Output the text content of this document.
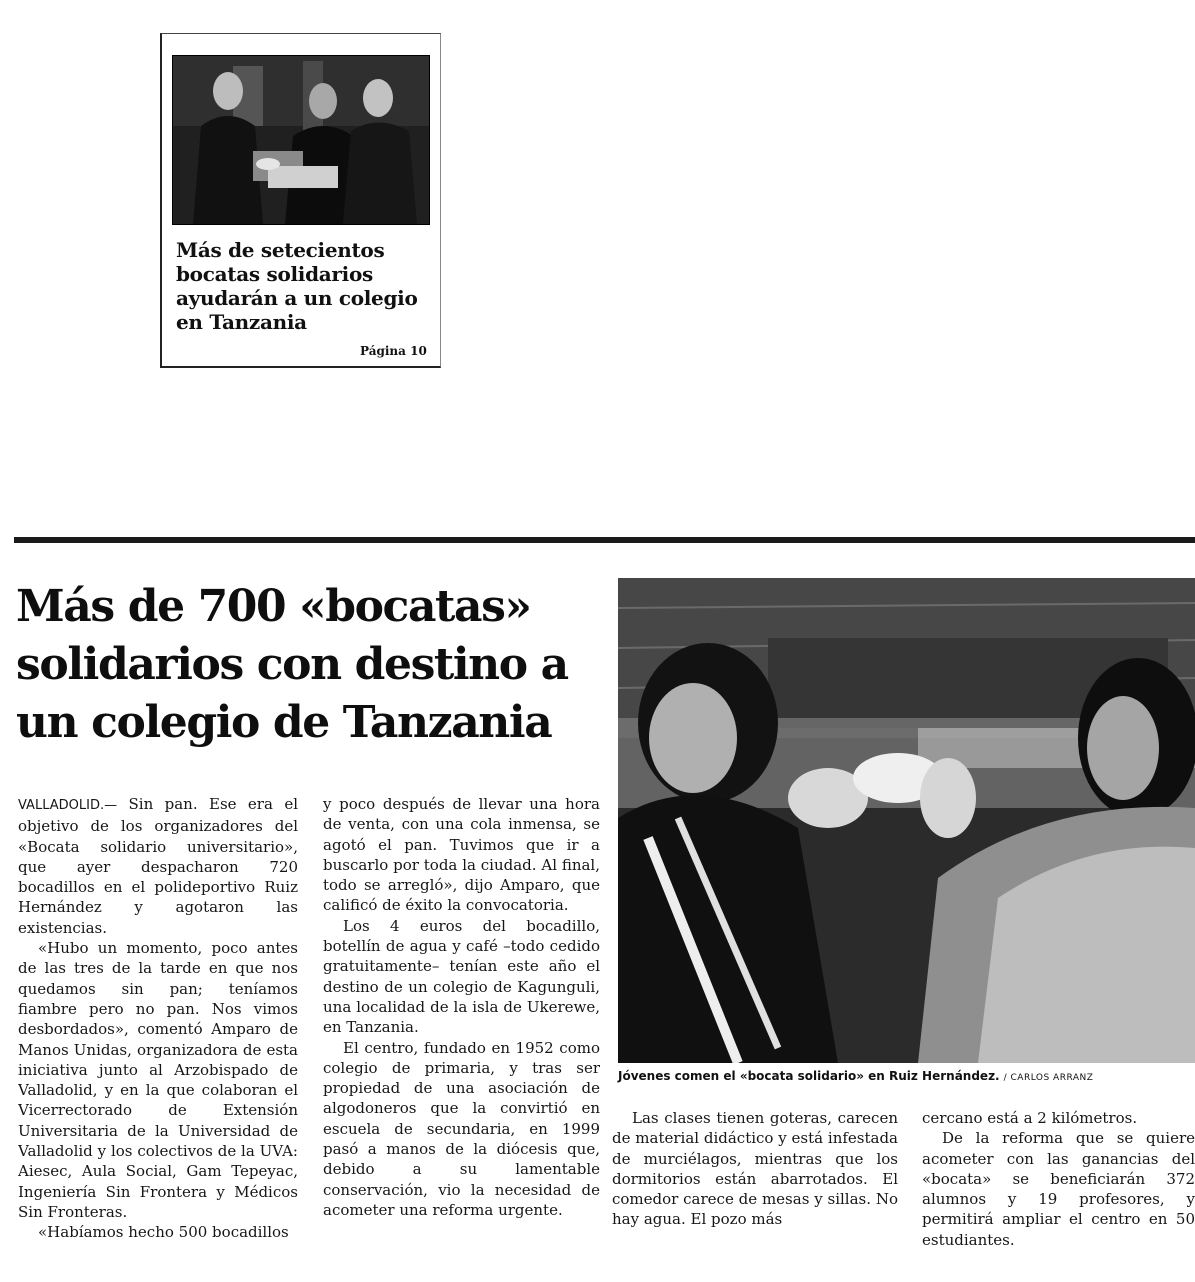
Más de setecientos bocatas solidarios ayudarán a un colegio en Tanzania
Página 10
Más de 700 «bocatas» solidarios con destino a un colegio de Tanzania
Jóvenes comen el «bocata solidario» en Ruiz Hernández. / CARLOS ARRANZ

VALLADOLID.— Sin pan. Ese era el objetivo de los organizadores del «Bocata solidario universitario», que ayer despacharon 720 bocadillos en el polideportivo Ruiz Hernández y agotaron las existencias.

«Hubo un momento, poco antes de las tres de la tarde en que nos quedamos sin pan; teníamos fiambre pero no pan. Nos vimos desbordados», comentó Amparo de Manos Unidas, organizadora de esta iniciativa junto al Arzobispado de Valladolid, y en la que colaboran el Vicerrectorado de Extensión Universitaria de la Universidad de Valladolid y los colectivos de la UVA: Aiesec, Aula Social, Gam Tepeyac, Ingeniería Sin Frontera y Médicos Sin Fronteras.

«Habíamos hecho 500 bocadillos

y poco después de llevar una hora de venta, con una cola inmensa, se agotó el pan. Tuvimos que ir a buscarlo por toda la ciudad. Al final, todo se arregló», dijo Amparo, que calificó de éxito la convocatoria.

Los 4 euros del bocadillo, botellín de agua y café –todo cedido gratuitamente– tenían este año el destino de un colegio de Kagunguli, una localidad de la isla de Ukerewe, en Tanzania.

El centro, fundado en 1952 como colegio de primaria, y tras ser propiedad de una asociación de algodoneros que la convirtió en escuela de secundaria, en 1999 pasó a manos de la diócesis que, debido a su lamentable conservación, vio la necesidad de acometer una reforma urgente.

Las clases tienen goteras, carecen de material didáctico y está infestada de murciélagos, mientras que los dormitorios están abarrotados. El comedor carece de mesas y sillas. No hay agua. El pozo más

cercano está a 2 kilómetros.

De la reforma que se quiere acometer con las ganancias del «bocata» se beneficiarán 372 alumnos y 19 profesores, y permitirá ampliar el centro en 50 estudiantes.
